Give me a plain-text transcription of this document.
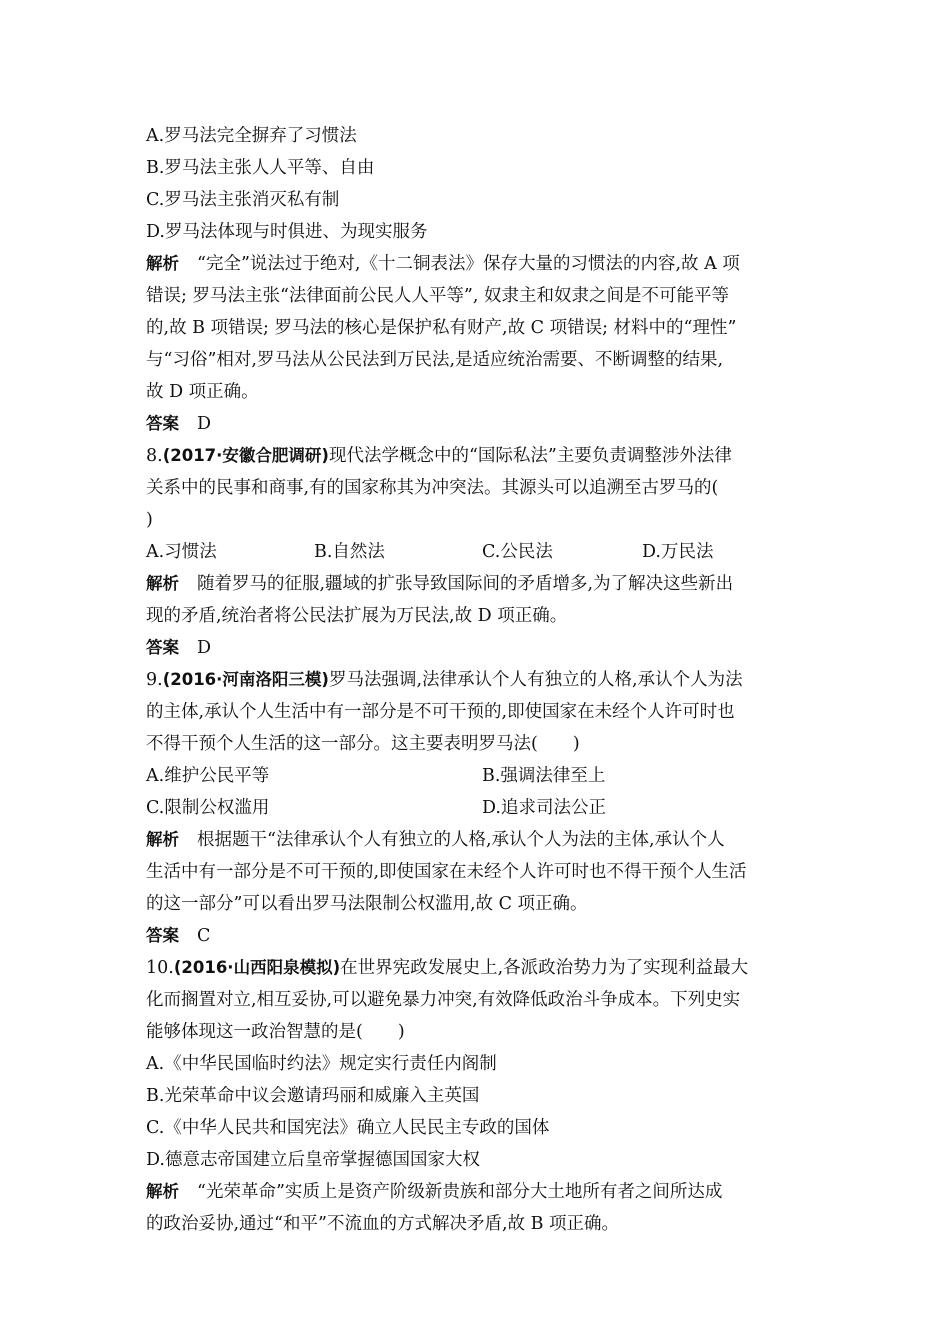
A.罗马法完全摒弃了习惯法
B.罗马法主张人人平等、自由
C.罗马法主张消灭私有制
D.罗马法体现与时俱进、为现实服务
解析 “完全”说法过于绝对,《十二铜表法》保存大量的习惯法的内容,故 A 项
错误; 罗马法主张“法律面前公民人人平等”, 奴隶主和奴隶之间是不可能平等
的,故 B 项错误; 罗马法的核心是保护私有财产,故 C 项错误; 材料中的“理性”
与“习俗”相对,罗马法从公民法到万民法,是适应统治需要、不断调整的结果,
故 D 项正确。
答案 D
8.(2017·安徽合肥调研)现代法学概念中的“国际私法”主要负责调整涉外法律
关系中的民事和商事,有的国家称其为冲突法。其源头可以追溯至古罗马的(
)
A.习惯法	B.自然法	C.公民法	D.万民法
解析 随着罗马的征服,疆域的扩张导致国际间的矛盾增多,为了解决这些新出
现的矛盾,统治者将公民法扩展为万民法,故 D 项正确。
答案 D
9.(2016·河南洛阳三模)罗马法强调,法律承认个人有独立的人格,承认个人为法
的主体,承认个人生活中有一部分是不可干预的,即使国家在未经个人许可时也
不得干预个人生活的这一部分。这主要表明罗马法(　　)
A.维护公民平等	B.强调法律至上
C.限制公权滥用	D.追求司法公正
解析 根据题干“法律承认个人有独立的人格,承认个人为法的主体,承认个人
生活中有一部分是不可干预的,即使国家在未经个人许可时也不得干预个人生活
的这一部分”可以看出罗马法限制公权滥用,故 C 项正确。
答案 C
10.(2016·山西阳泉模拟)在世界宪政发展史上,各派政治势力为了实现利益最大
化而搁置对立,相互妥协,可以避免暴力冲突,有效降低政治斗争成本。下列史实
能够体现这一政治智慧的是(　　)
A.《中华民国临时约法》规定实行责任内阁制
B.光荣革命中议会邀请玛丽和威廉入主英国
C.《中华人民共和国宪法》确立人民民主专政的国体
D.德意志帝国建立后皇帝掌握德国国家大权
解析 “光荣革命”实质上是资产阶级新贵族和部分大土地所有者之间所达成
的政治妥协,通过“和平”不流血的方式解决矛盾,故 B 项正确。
